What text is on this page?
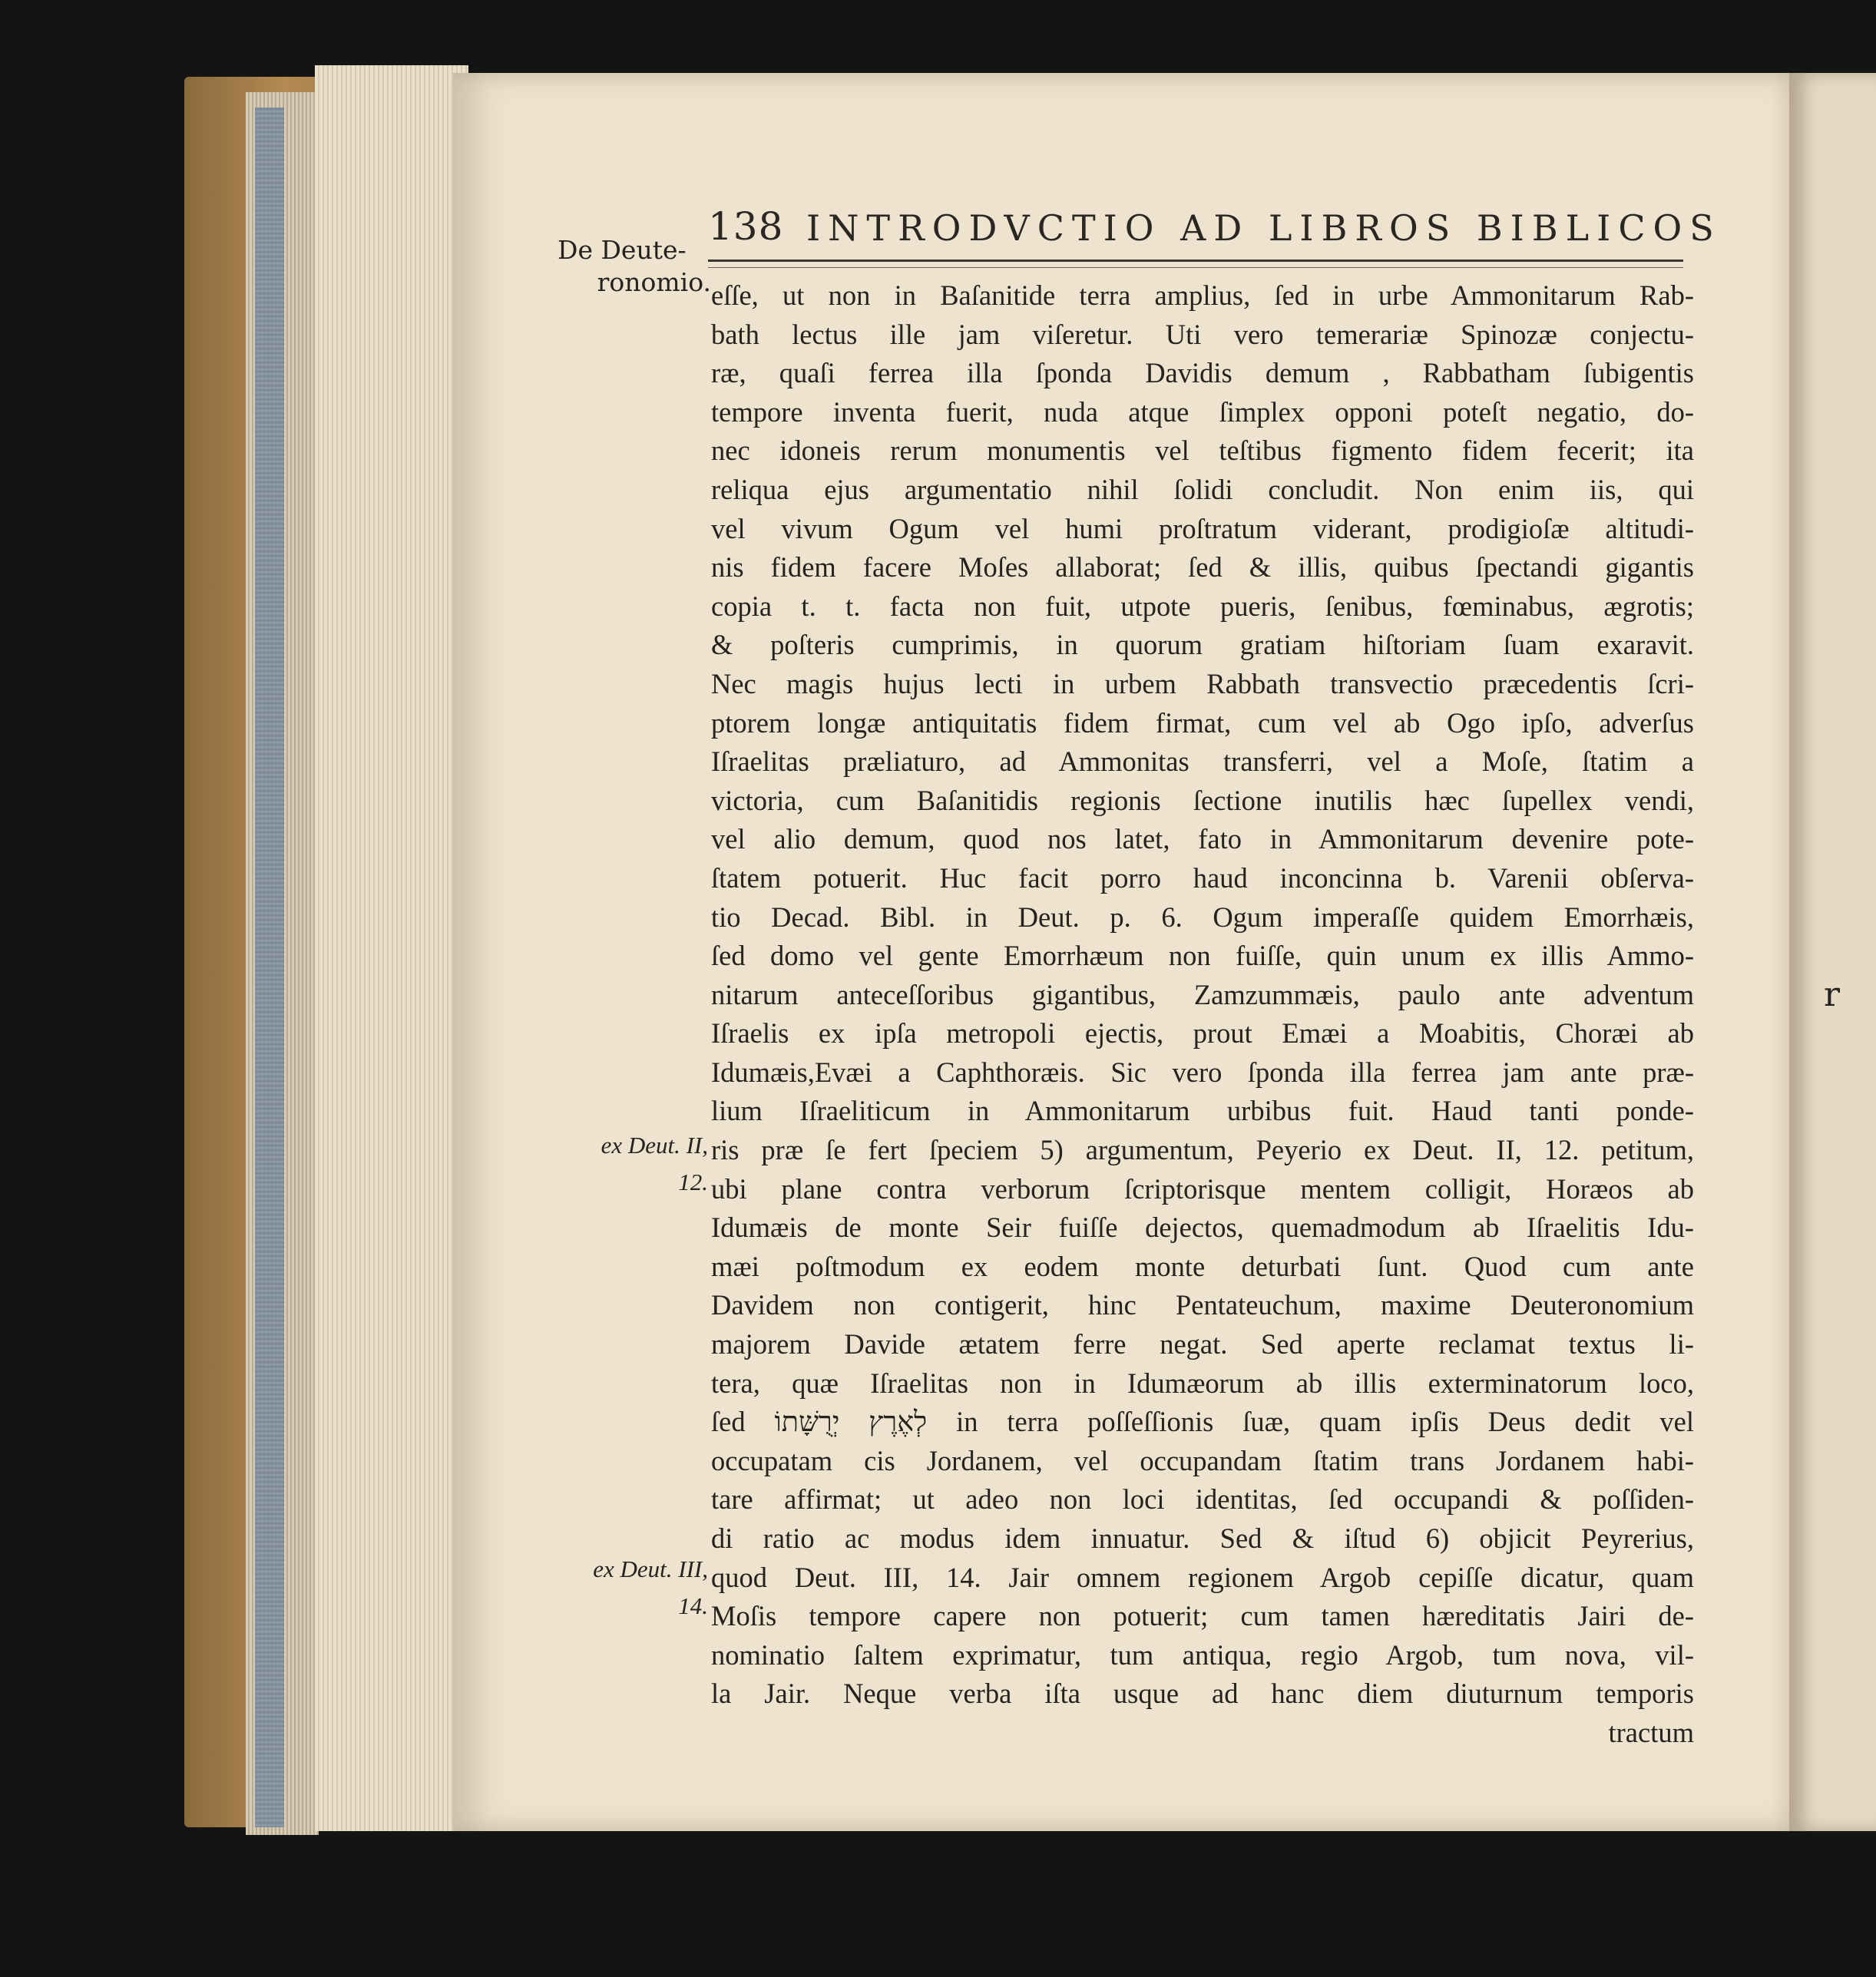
r
138 INTRODVCTIO AD LIBROS BIBLICOS
De Deute-
ronomio.
ex Deut. II,
12.
ex Deut. III,
14.
eſſe, ut non in Baſanitide terra amplius, ſed in urbe Ammonitarum Rab-
bath lectus ille jam viſeretur. Uti vero temerariæ Spinozæ conjectu-
ræ, quaſi ferrea illa ſponda Davidis demum , Rabbatham ſubigentis
tempore inventa fuerit, nuda atque ſimplex opponi poteſt negatio, do-
nec idoneis rerum monumentis vel teſtibus figmento fidem fecerit; ita
reliqua ejus argumentatio nihil ſolidi concludit. Non enim iis, qui
vel vivum Ogum vel humi proſtratum viderant, prodigioſæ altitudi-
nis fidem facere Moſes allaborat; ſed & illis, quibus ſpectandi gigantis
copia t. t. facta non fuit, utpote pueris, ſenibus, fœminabus, ægrotis;
& poſteris cumprimis, in quorum gratiam hiſtoriam ſuam exaravit.
Nec magis hujus lecti in urbem Rabbath transvectio præcedentis ſcri-
ptorem longæ antiquitatis fidem firmat, cum vel ab Ogo ipſo, adverſus
Iſraelitas præliaturo, ad Ammonitas transferri, vel a Moſe, ſtatim a
victoria, cum Baſanitidis regionis ſectione inutilis hæc ſupellex vendi,
vel alio demum, quod nos latet, fato in Ammonitarum devenire pote-
ſtatem potuerit. Huc facit porro haud inconcinna b. Varenii obſerva-
tio Decad. Bibl. in Deut. p. 6. Ogum imperaſſe quidem Emorrhæis,
ſed domo vel gente Emorrhæum non fuiſſe, quin unum ex illis Ammo-
nitarum anteceſſoribus gigantibus, Zamzummæis, paulo ante adventum
Iſraelis ex ipſa metropoli ejectis, prout Emæi a Moabitis, Choræi ab
Idumæis,Evæi a Caphthoræis. Sic vero ſponda illa ferrea jam ante præ-
lium Iſraeliticum in Ammonitarum urbibus fuit. Haud tanti ponde-
ris præ ſe fert ſpeciem 5) argumentum, Peyerio ex Deut. II, 12. petitum,
ubi plane contra verborum ſcriptorisque mentem colligit, Horæos ab
Idumæis de monte Seir fuiſſe dejectos, quemadmodum ab Iſraelitis Idu-
mæi poſtmodum ex eodem monte deturbati ſunt. Quod cum ante
Davidem non contigerit, hinc Pentateuchum, maxime Deuteronomium
majorem Davide ætatem ferre negat. Sed aperte reclamat textus li-
tera, quæ Iſraelitas non in Idumæorum ab illis exterminatorum loco,
ſed לְאֶרֶץ יְרֻשָּׁתוֹ in terra poſſeſſionis ſuæ, quam ipſis Deus dedit vel
occupatam cis Jordanem, vel occupandam ſtatim trans Jordanem habi-
tare affirmat; ut adeo non loci identitas, ſed occupandi & poſſiden-
di ratio ac modus idem innuatur. Sed & iſtud 6) objicit Peyrerius,
quod Deut. III, 14. Jair omnem regionem Argob cepiſſe dicatur, quam
Moſis tempore capere non potuerit; cum tamen hæreditatis Jairi de-
nominatio ſaltem exprimatur, tum antiqua, regio Argob, tum nova, vil-
la Jair. Neque verba iſta usque ad hanc diem diuturnum temporis
tractum
